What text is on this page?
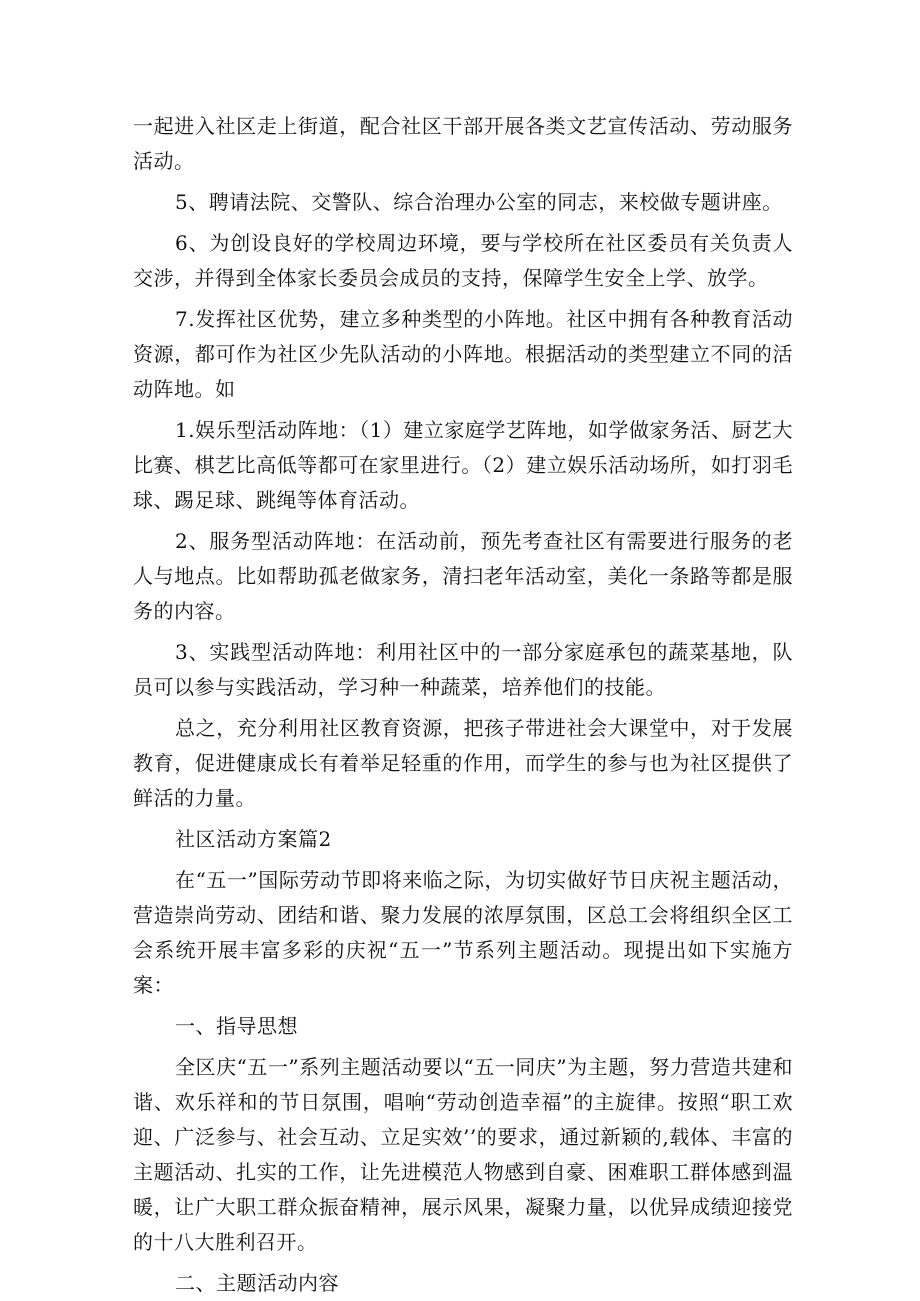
一起进入社区走上街道，配合社区干部开展各类文艺宣传活动、劳动服务活动。

5、聘请法院、交警队、综合治理办公室的同志，来校做专题讲座。

6、为创设良好的学校周边环境，要与学校所在社区委员有关负责人交涉，并得到全体家长委员会成员的支持，保障学生安全上学、放学。

7.发挥社区优势，建立多种类型的小阵地。社区中拥有各种教育活动资源，都可作为社区少先队活动的小阵地。根据活动的类型建立不同的活动阵地。如

1.娱乐型活动阵地：（1）建立家庭学艺阵地，如学做家务活、厨艺大比赛、棋艺比高低等都可在家里进行。（2）建立娱乐活动场所，如打羽毛球、踢足球、跳绳等体育活动。

2、服务型活动阵地：在活动前，预先考查社区有需要进行服务的老人与地点。比如帮助孤老做家务，清扫老年活动室，美化一条路等都是服务的内容。

3、实践型活动阵地：利用社区中的一部分家庭承包的蔬菜基地，队员可以参与实践活动，学习种一种蔬菜，培养他们的技能。

总之，充分利用社区教育资源，把孩子带进社会大课堂中，对于发展教育，促进健康成长有着举足轻重的作用，而学生的参与也为社区提供了鲜活的力量。

社区活动方案篇2

在“五一”国际劳动节即将来临之际，为切实做好节日庆祝主题活动，营造崇尚劳动、团结和谐、聚力发展的浓厚氛围，区总工会将组织全区工会系统开展丰富多彩的庆祝“五一”节系列主题活动。现提出如下实施方案：

一、指导思想

全区庆“五一”系列主题活动要以“五一同庆”为主题，努力营造共建和谐、欢乐祥和的节日氛围，唱响“劳动创造幸福”的主旋律。按照“职工欢迎、广泛参与、社会互动、立足实效’’的要求，通过新颖的,载体、丰富的主题活动、扎实的工作，让先进模范人物感到自豪、困难职工群体感到温暖，让广大职工群众振奋精神，展示风果，凝聚力量，以优异成绩迎接党的十八大胜利召开。

二、主题活动内容
